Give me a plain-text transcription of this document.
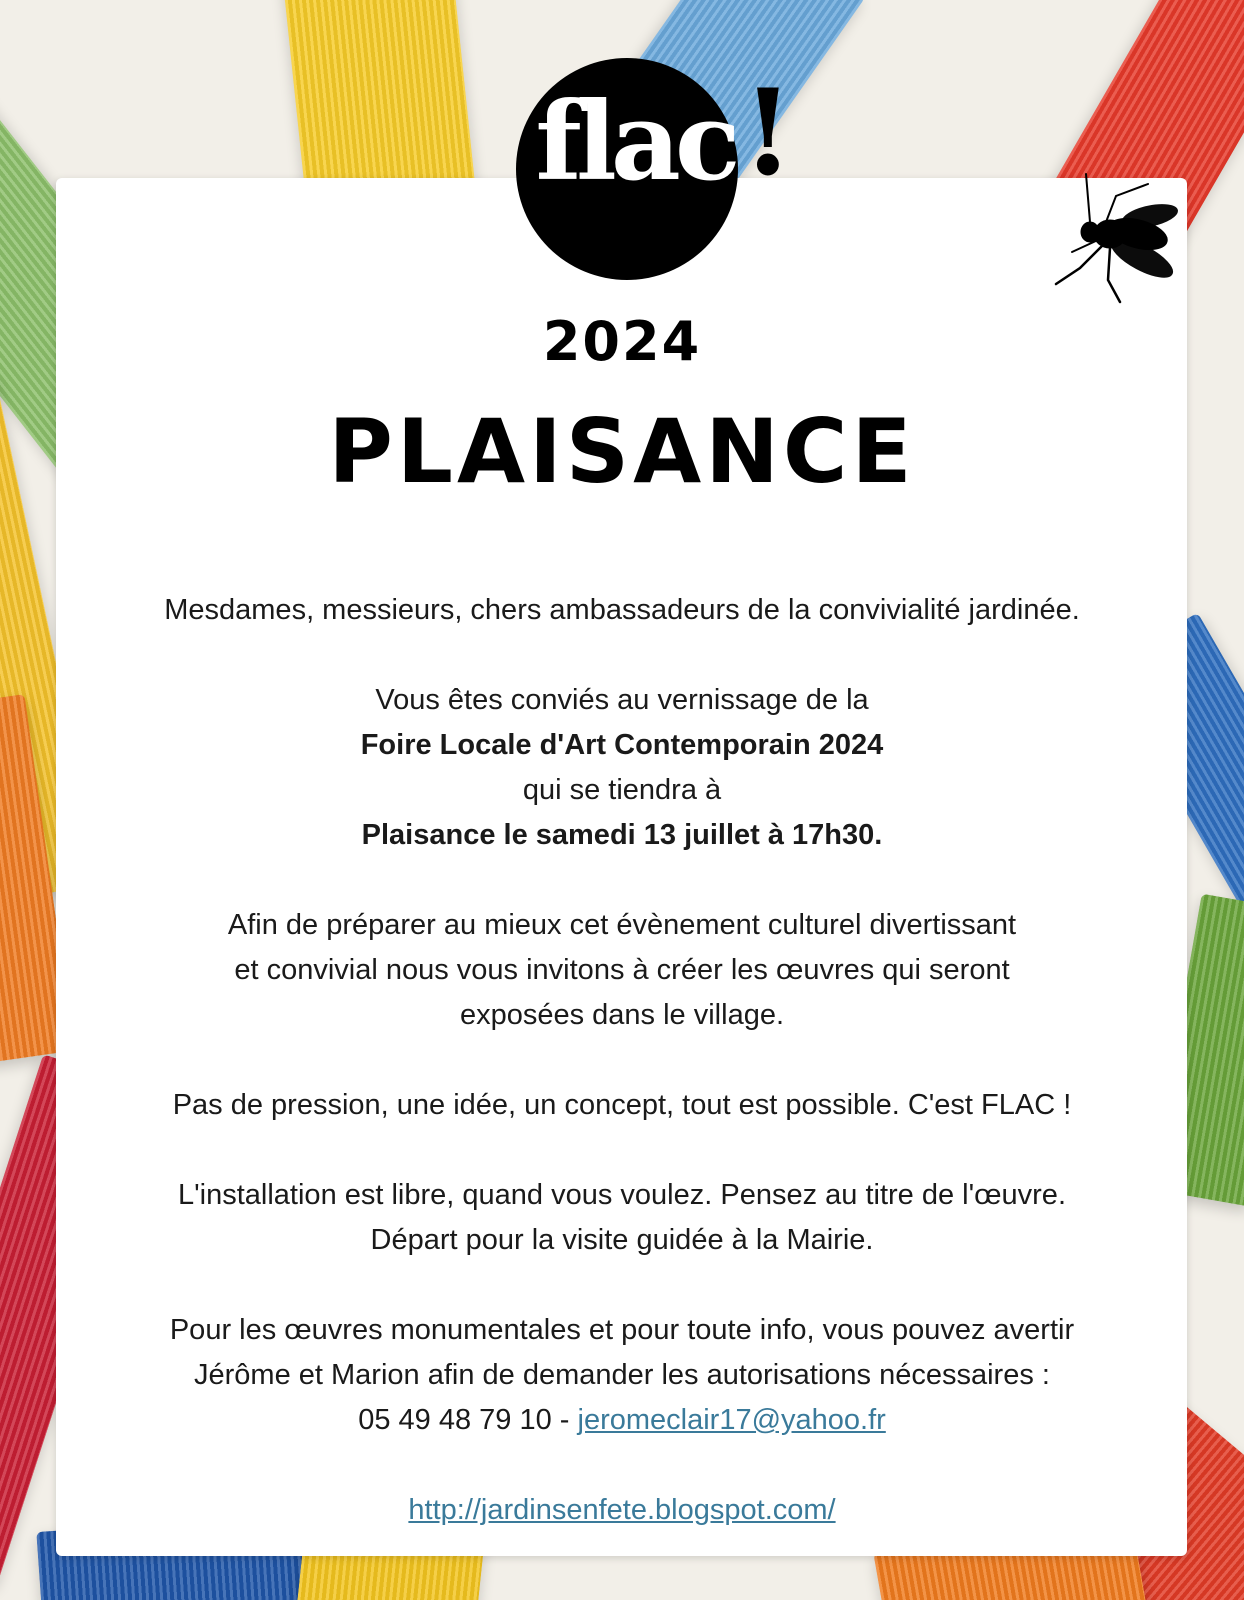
flac !
2024
PLAISANCE

Mesdames, messieurs, chers ambassadeurs de la convivialité jardinée.

Vous êtes conviés au vernissage de la
Foire Locale d'Art Contemporain 2024
qui se tiendra à
Plaisance le samedi 13 juillet à 17h30.

Afin de préparer au mieux cet évènement culturel divertissant
et convivial nous vous invitons à créer les œuvres qui seront
exposées dans le village.

Pas de pression, une idée, un concept, tout est possible. C'est FLAC !

L'installation est libre, quand vous voulez. Pensez au titre de l'œuvre.
Départ pour la visite guidée à la Mairie.

Pour les œuvres monumentales et pour toute info, vous pouvez avertir
Jérôme et Marion afin de demander les autorisations nécessaires :
05 49 48 79 10 - jeromeclair17@yahoo.fr

http://jardinsenfete.blogspot.com/
